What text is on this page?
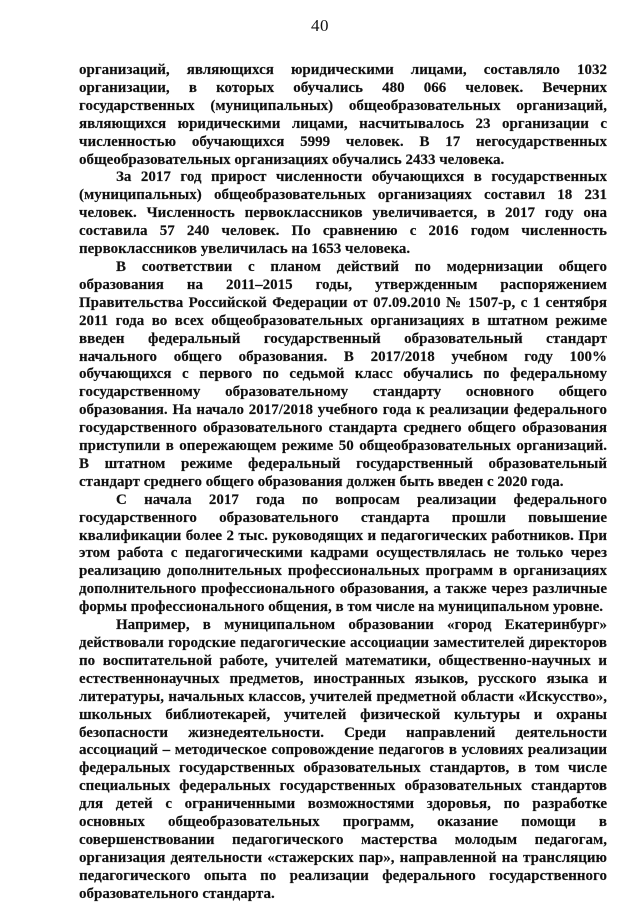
40

организаций, являющихся юридическими лицами, составляло 1032 организации, в которых обучались 480 066 человек. Вечерних государственных (муниципальных) общеобразовательных организаций, являющихся юридическими лицами, насчитывалось 23 организации с численностью обучающихся 5999 человек. В 17 негосударственных общеобразовательных организациях обучались 2433 человека.

За 2017 год прирост численности обучающихся в государственных (муниципальных) общеобразовательных организациях составил 18 231 человек. Численность первоклассников увеличивается, в 2017 году она составила 57 240 человек. По сравнению с 2016 годом численность первоклассников увеличилась на 1653 человека.

В соответствии с планом действий по модернизации общего образования на 2011–2015 годы, утвержденным распоряжением Правительства Российской Федерации от 07.09.2010 № 1507-р, с 1 сентября 2011 года во всех общеобразовательных организациях в штатном режиме введен федеральный государственный образовательный стандарт начального общего образования. В 2017/2018 учебном году 100% обучающихся с первого по седьмой класс обучались по федеральному государственному образовательному стандарту основного общего образования. На начало 2017/2018 учебного года к реализации федерального государственного образовательного стандарта среднего общего образования приступили в опережающем режиме 50 общеобразовательных организаций. В штатном режиме федеральный государственный образовательный стандарт среднего общего образования должен быть введен с 2020 года.

С начала 2017 года по вопросам реализации федерального государственного образовательного стандарта прошли повышение квалификации более 2 тыс. руководящих и педагогических работников. При этом работа с педагогическими кадрами осуществлялась не только через реализацию дополнительных профессиональных программ в организациях дополнительного профессионального образования, а также через различные формы профессионального общения, в том числе на муниципальном уровне.

Например, в муниципальном образовании «город Екатеринбург» действовали городские педагогические ассоциации заместителей директоров по воспитательной работе, учителей математики, общественно-научных и естественнонаучных предметов, иностранных языков, русского языка и литературы, начальных классов, учителей предметной области «Искусство», школьных библиотекарей, учителей физической культуры и охраны безопасности жизнедеятельности. Среди направлений деятельности ассоциаций – методическое сопровождение педагогов в условиях реализации федеральных государственных образовательных стандартов, в том числе специальных федеральных государственных образовательных стандартов для детей с ограниченными возможностями здоровья, по разработке основных общеобразовательных программ, оказание помощи в совершенствовании педагогического мастерства молодым педагогам, организация деятельности «стажерских пар», направленной на трансляцию педагогического опыта по реализации федерального государственного образовательного стандарта.
